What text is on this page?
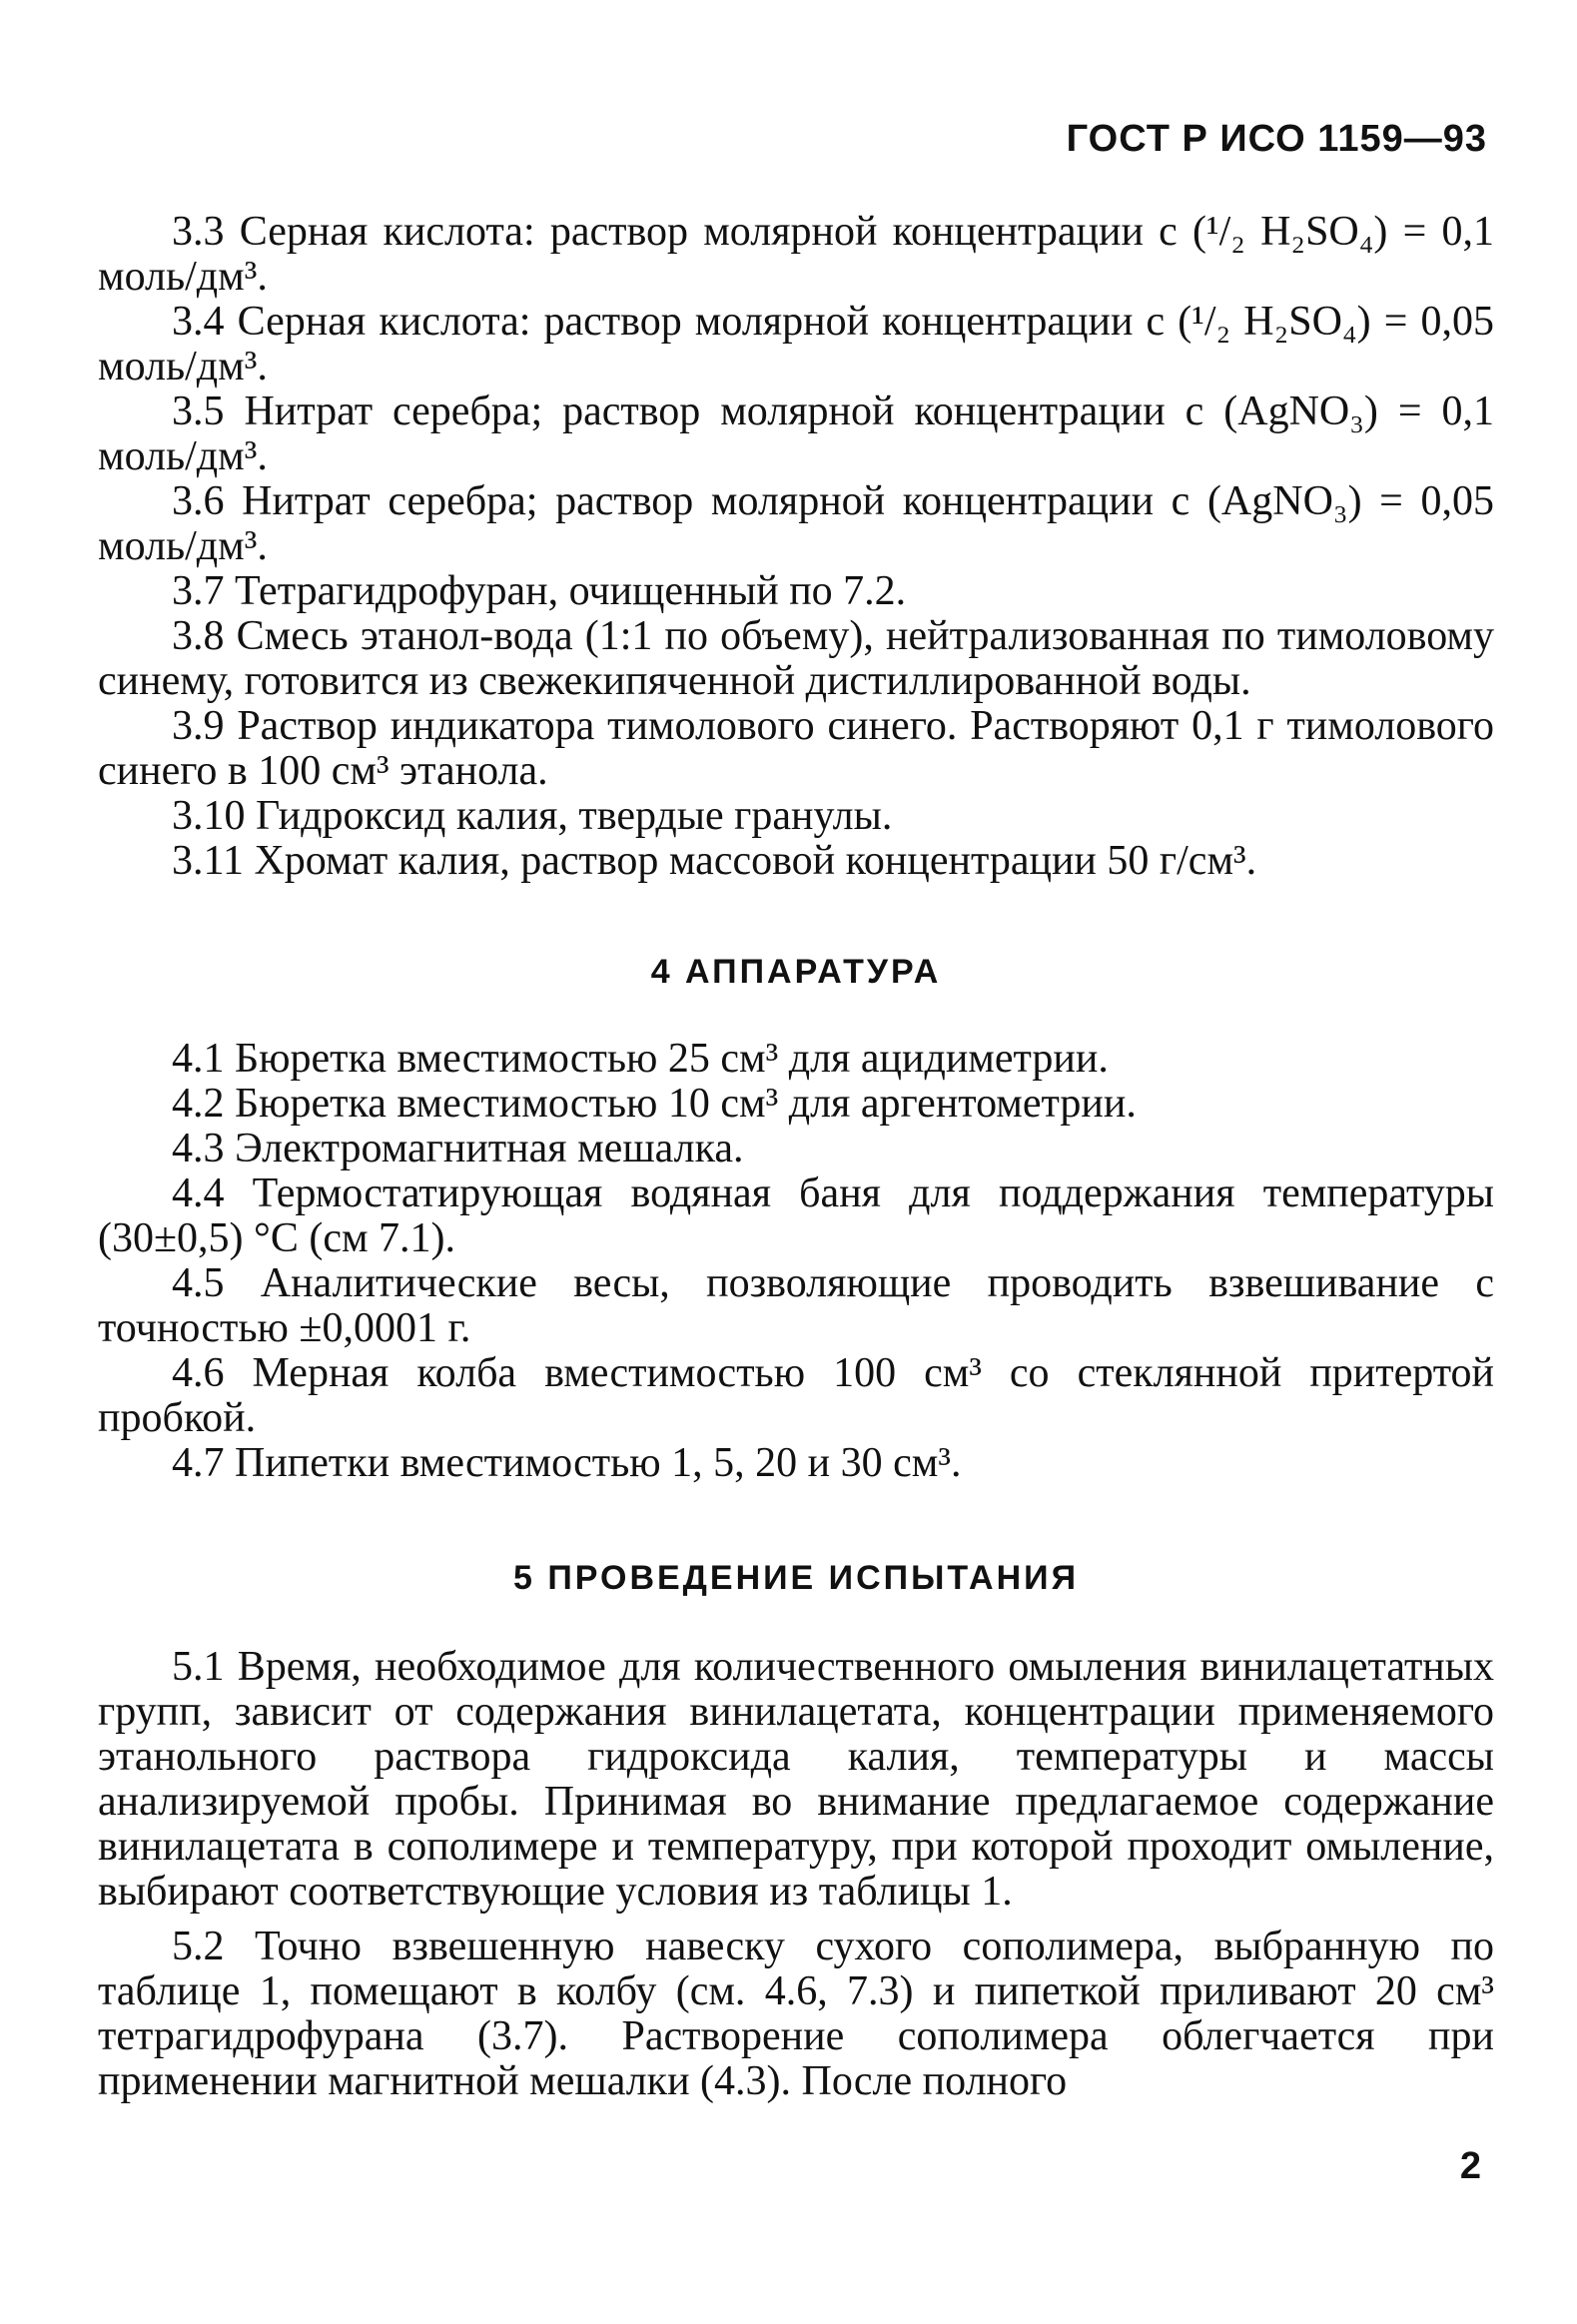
ГОСТ Р ИСО 1159—93

3.3 Серная кислота: раствор молярной концентрации с (¹/₂ H₂SO₄) = 0,1 моль/дм³.

3.4 Серная кислота: раствор молярной концентрации с (¹/₂ H₂SO₄) = 0,05 моль/дм³.

3.5 Нитрат серебра; раствор молярной концентрации с (AgNO₃) = 0,1 моль/дм³.

3.6 Нитрат серебра; раствор молярной концентрации с (AgNO₃) = 0,05 моль/дм³.

3.7 Тетрагидрофуран, очищенный по 7.2.

3.8 Смесь этанол-вода (1:1 по объему), нейтрализованная по тимоловому синему, готовится из свежекипяченной дистиллированной воды.

3.9 Раствор индикатора тимолового синего. Растворяют 0,1 г тимолового синего в 100 см³ этанола.

3.10 Гидроксид калия, твердые гранулы.

3.11 Хромат калия, раствор массовой концентрации 50 г/см³.

4 АППАРАТУРА

4.1 Бюретка вместимостью 25 см³ для ацидиметрии.

4.2 Бюретка вместимостью 10 см³ для аргентометрии.

4.3 Электромагнитная мешалка.

4.4 Термостатирующая водяная баня для поддержания температуры (30±0,5) °С (см 7.1).

4.5 Аналитические весы, позволяющие проводить взвешивание с точностью ±0,0001 г.

4.6 Мерная колба вместимостью 100 см³ со стеклянной притертой пробкой.

4.7 Пипетки вместимостью 1, 5, 20 и 30 см³.

5 ПРОВЕДЕНИЕ ИСПЫТАНИЯ

5.1 Время, необходимое для количественного омыления винилацетатных групп, зависит от содержания винилацетата, концентрации применяемого этанольного раствора гидроксида калия, температуры и массы анализируемой пробы. Принимая во внимание предлагаемое содержание винилацетата в сополимере и температуру, при которой проходит омыление, выбирают соответствующие условия из таблицы 1.

5.2 Точно взвешенную навеску сухого сополимера, выбранную по таблице 1, помещают в колбу (см. 4.6, 7.3) и пипеткой приливают 20 см³ тетрагидрофурана (3.7). Растворение сополимера облегчается при применении магнитной мешалки (4.3). После полного

2
